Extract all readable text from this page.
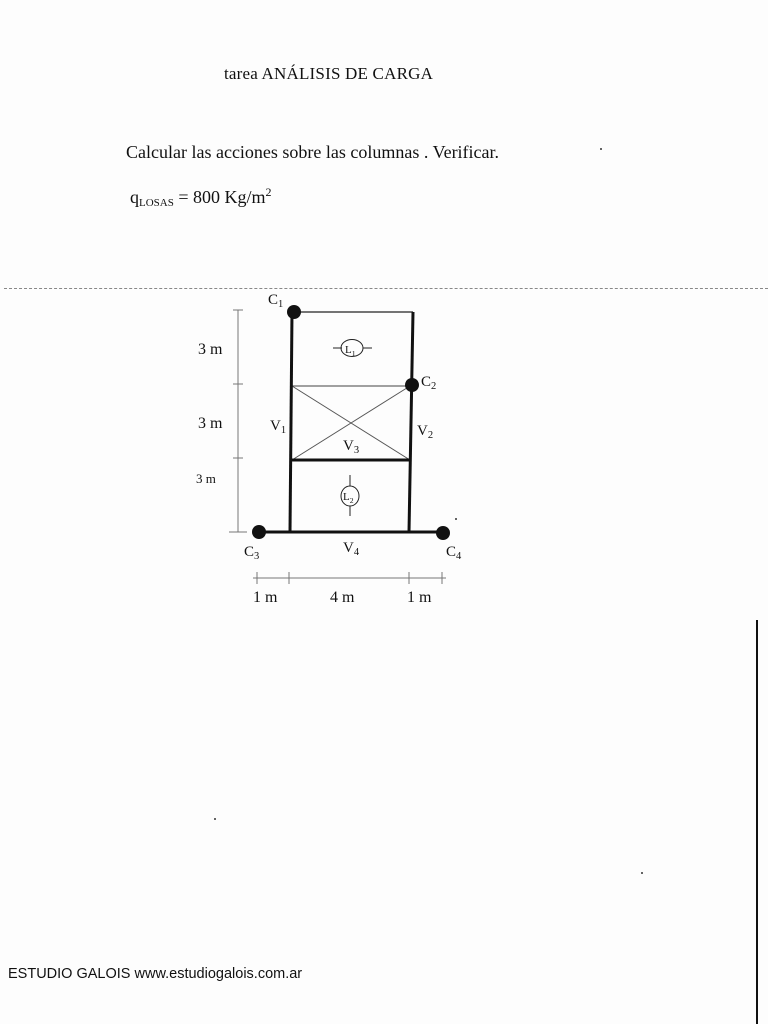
tarea ANÁLISIS DE CARGA
Calcular las acciones sobre las columnas . Verificar.
qLOSAS = 800 $Kg/m^2$
$C_1$
$C_2$
$C_3$	$C_4$
$V_1$	$V_2$
$V_3$
$V_4$
$L_1$
$L_2$
3 m
3 m
3 m
1 m	4 m	1 m
ESTUDIO GALOIS www.estudiogalois.com.ar
